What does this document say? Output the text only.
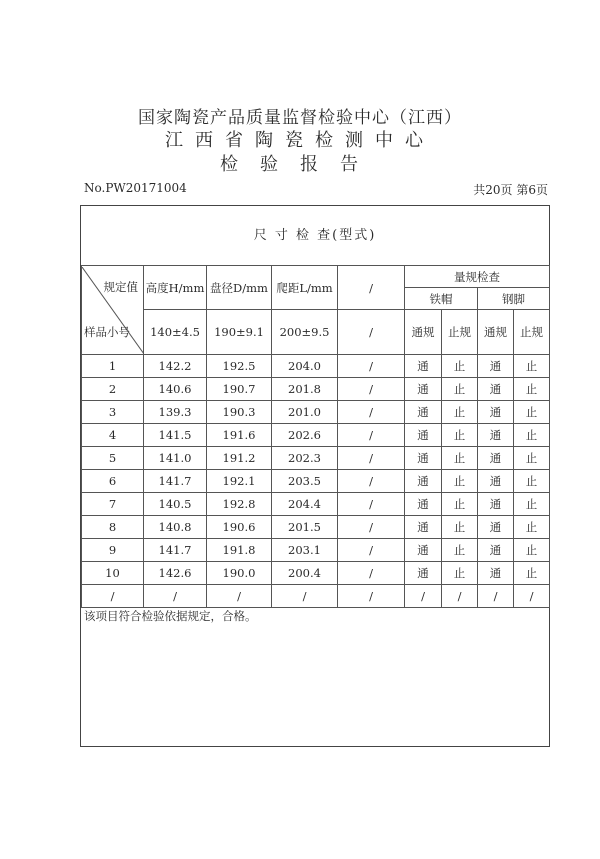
国家陶瓷产品质量监督检验中心（江西）
江西省陶瓷检测中心
检验报告
No.PW20171004	共20页 第6页
尺 寸 检 查(型式)
规定值
样品小号	高度H/mm	盘径D/mm	爬距L/mm	/	量规检查			
					铁帽		钢脚	
	140±4.5	190±9.1	200±9.5	/	通规	止规	通规	止规
1	142.2	192.5	204.0	/	通	止	通	止
2	140.6	190.7	201.8	/	通	止	通	止
3	139.3	190.3	201.0	/	通	止	通	止
4	141.5	191.6	202.6	/	通	止	通	止
5	141.0	191.2	202.3	/	通	止	通	止
6	141.7	192.1	203.5	/	通	止	通	止
7	140.5	192.8	204.4	/	通	止	通	止
8	140.8	190.6	201.5	/	通	止	通	止
9	141.7	191.8	203.1	/	通	止	通	止
10	142.6	190.0	200.4	/	通	止	通	止
/	/	/	/	/	/	/	/	/
该项目符合检验依据规定，合格。
